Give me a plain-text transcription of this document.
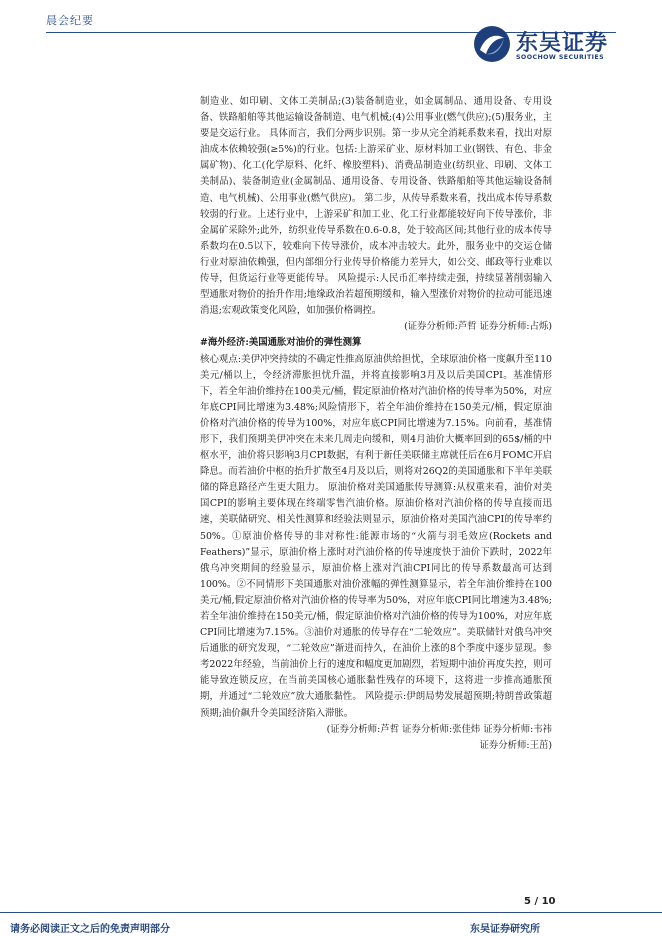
晨会纪要
东吴证券
SOOCHOW SECURITIES

制造业、如印刷、文体工美制品;(3)装备制造业，如金属制品、通用设备、专用设备、铁路船舶等其他运输设备制造、电气机械;(4)公用事业(燃气供应);(5)服务业，主要是交运行业。 具体而言，我们分两步识别。第一步从完全消耗系数来看，找出对原油成本依赖较强(≥5%)的行业。包括:上游采矿业、原材料加工业(钢铁、有色、非金属矿物)、化工(化学原料、化纤、橡胶塑料)、消费品制造业(纺织业、印刷、文体工美制品)、装备制造业(金属制品、通用设备、专用设备、铁路船舶等其他运输设备制造、电气机械)、公用事业(燃气供应)。 第二步，从传导系数来看，找出成本传导系数较弱的行业。上述行业中，上游采矿和加工业、化工行业都能较好向下传导涨价，非金属矿采除外;此外，纺织业传导系数在0.6-0.8，处于较高区间;其他行业的成本传导系数均在0.5以下，较难向下传导涨价，成本冲击较大。此外，服务业中的交运仓储行业对原油依赖强，但内部细分行业传导价格能力差异大，如公交、邮政等行业难以传导，但货运行业等更能传导。 风险提示:人民币汇率持续走强，持续显著削弱输入型通胀对物价的抬升作用;地缘政治若超预期缓和，输入型涨价对物价的拉动可能迅速消退;宏观政策变化风险，如加强价格调控。

(证券分析师:芦哲 证券分析师:占烁)

#海外经济:美国通胀对油价的弹性测算

核心观点:美伊冲突持续的不确定性推高原油供给担忧，全球原油价格一度飙升至110美元/桶以上，令经济滞胀担忧升温，并将直接影响3月及以后美国CPI。基准情形下，若全年油价维持在100美元/桶，假定原油价格对汽油价格的传导率为50%，对应年底CPI同比增速为3.48%;风险情形下，若全年油价维持在150美元/桶，假定原油价格对汽油价格的传导为100%，对应年底CPI同比增速为7.15%。向前看，基准情形下，我们预期美伊冲突在未来几周走向缓和，则4月油价大概率回到的65$/桶的中枢水平，油价将只影响3月CPI数据，有利于新任美联储主席就任后在6月FOMC开启降息。而若油价中枢的抬升扩散至4月及以后，则将对26Q2的美国通胀和下半年美联储的降息路径产生更大阻力。 原油价格对美国通胀传导测算:从权重来看，油价对美国CPI的影响主要体现在终端零售汽油价格。原油价格对汽油价格的传导直接而迅速，美联储研究、相关性测算和经验法则显示，原油价格对美国汽油CPI的传导率约50%。①原油价格传导的非对称性:能源市场的“火箭与羽毛效应(Rockets and Feathers)”显示，原油价格上涨时对汽油价格的传导速度快于油价下跌时，2022年俄乌冲突期间的经验显示，原油价格上涨对汽油CPI同比的传导系数最高可达到 100%。②不同情形下美国通胀对油价涨幅的弹性测算显示，若全年油价维持在100美元/桶,假定原油价格对汽油价格的传导率为50%，对应年底CPI同比增速为3.48%;若全年油价维持在150美元/桶，假定原油价格对汽油价格的传导为100%，对应年底CPI同比增速为7.15%。③油价对通胀的传导存在“二轮效应”。美联储针对俄乌冲突后通胀的研究发现，“二轮效应”渐进而持久，在油价上涨的8个季度中逐步显现。参考2022年经验，当前油价上行的速度和幅度更加剧烈，若短期中油价再度失控，则可能导致连锁反应，在当前美国核心通胀黏性残存的环境下，这将进一步推高通胀预期，并通过“二轮效应”放大通胀黏性。 风险提示:伊朗局势发展超预期;特朗普政策超预期;油价飙升令美国经济陷入滞胀。

(证券分析师:芦哲 证券分析师:张佳炜 证券分析师:韦祎

证券分析师:王茁)

5 / 10
请务必阅读正文之后的免责声明部分	东吴证券研究所
